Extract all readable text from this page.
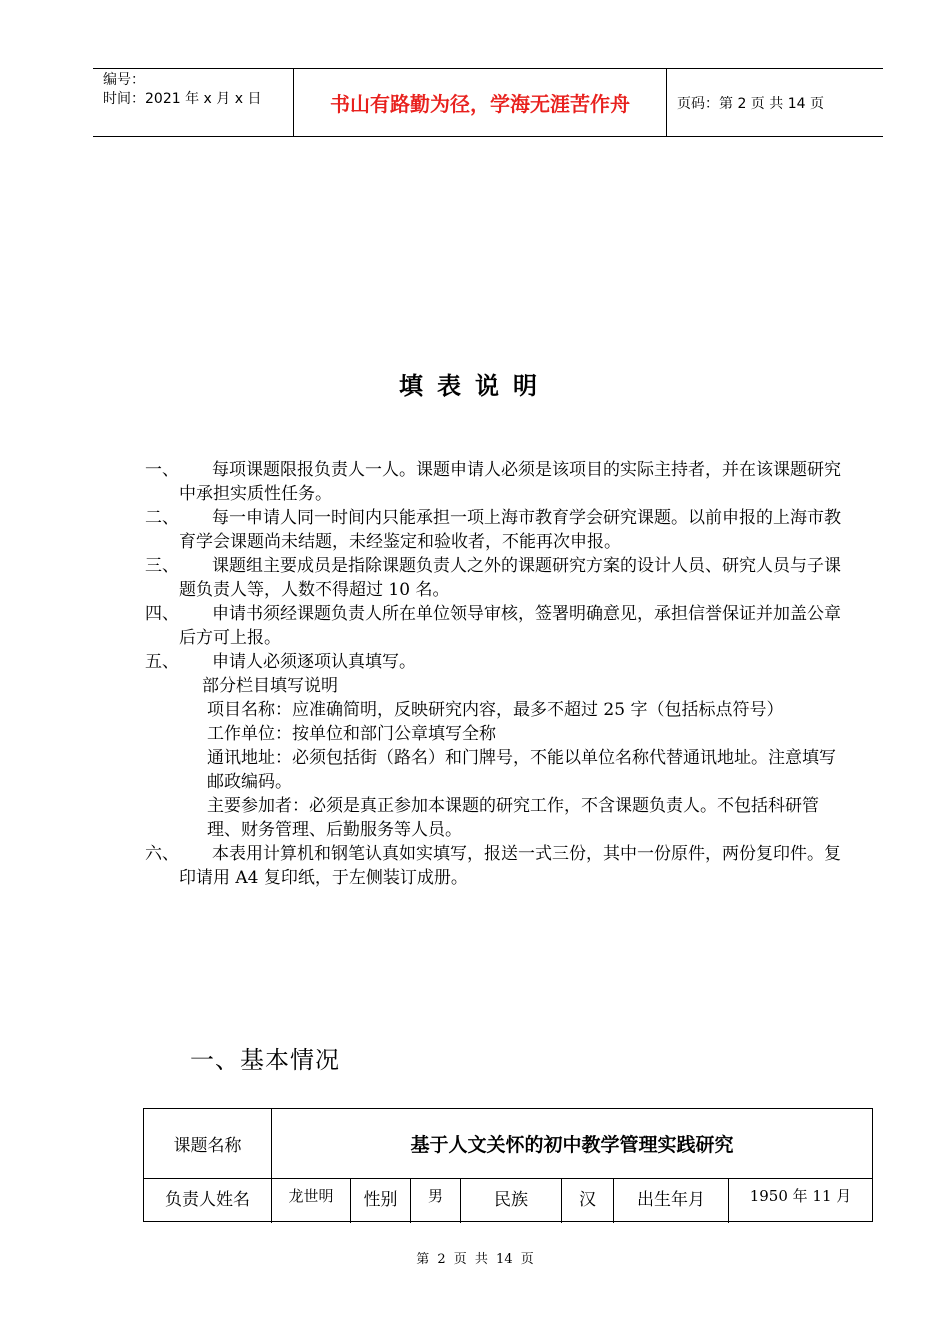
编号：
时间：2021 年 x 月 x 日	书山有路勤为径，学海无涯苦作舟	页码：第 2 页 共 14 页
填表说明
一、	每项课题限报负责人一人。课题申请人必须是该项目的实际主持者，并在该课题研究中承担实质性任务。
二、	每一申请人同一时间内只能承担一项上海市教育学会研究课题。以前申报的上海市教育学会课题尚未结题，未经鉴定和验收者，不能再次申报。
三、	课题组主要成员是指除课题负责人之外的课题研究方案的设计人员、研究人员与子课题负责人等，人数不得超过 10 名。
四、	申请书须经课题负责人所在单位领导审核，签署明确意见，承担信誉保证并加盖公章后方可上报。
五、	申请人必须逐项认真填写。
部分栏目填写说明
项目名称：应准确简明，反映研究内容，最多不超过 25 字（包括标点符号）
工作单位：按单位和部门公章填写全称
通讯地址：必须包括街（路名）和门牌号，不能以单位名称代替通讯地址。注意填写邮政编码。
主要参加者：必须是真正参加本课题的研究工作，不含课题负责人。不包括科研管理、财务管理、后勤服务等人员。
六、	本表用计算机和钢笔认真如实填写，报送一式三份，其中一份原件，两份复印件。复印请用 A4 复印纸，于左侧装订成册。
一、基本情况
课题名称	基于人文关怀的初中教学管理实践研究
负责人姓名	龙世明	性别	男	民族	汉	出生年月	1950 年 11 月
第 2 页 共 14 页
